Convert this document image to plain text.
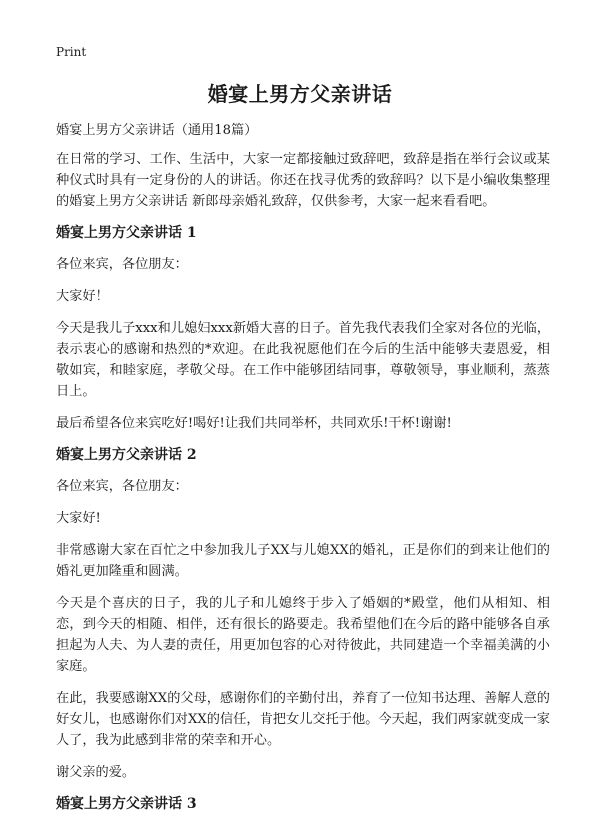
Print
婚宴上男方父亲讲话

婚宴上男方父亲讲话（通用18篇）

在日常的学习、工作、生活中，大家一定都接触过致辞吧，致辞是指在举行会议或某种仪式时具有一定身份的人的讲话。你还在找寻优秀的致辞吗？以下是小编收集整理的婚宴上男方父亲讲话 新郎母亲婚礼致辞，仅供参考，大家一起来看看吧。

婚宴上男方父亲讲话 1

各位来宾，各位朋友：

大家好！

今天是我儿子xxx和儿媳妇xxx新婚大喜的日子。首先我代表我们全家对各位的光临，表示衷心的感谢和热烈的*欢迎。在此我祝愿他们在今后的生活中能够夫妻恩爱，相敬如宾，和睦家庭，孝敬父母。在工作中能够团结同事，尊敬领导，事业顺利，蒸蒸日上。

最后希望各位来宾吃好!喝好!让我们共同举杯，共同欢乐!干杯!谢谢!

婚宴上男方父亲讲话 2

各位来宾，各位朋友：

大家好!

非常感谢大家在百忙之中参加我儿子XX与儿媳XX的婚礼，正是你们的到来让他们的婚礼更加隆重和圆满。

今天是个喜庆的日子，我的儿子和儿媳终于步入了婚姻的*殿堂，他们从相知、相恋，到今天的相随、相伴，还有很长的路要走。我希望他们在今后的路中能够各自承担起为人夫、为人妻的责任，用更加包容的心对待彼此，共同建造一个幸福美满的小家庭。

在此，我要感谢XX的父母，感谢你们的辛勤付出，养育了一位知书达理、善解人意的好女儿，也感谢你们对XX的信任，肯把女儿交托于他。今天起，我们两家就变成一家人了，我为此感到非常的荣幸和开心。

谢父亲的爱。

婚宴上男方父亲讲话 3
